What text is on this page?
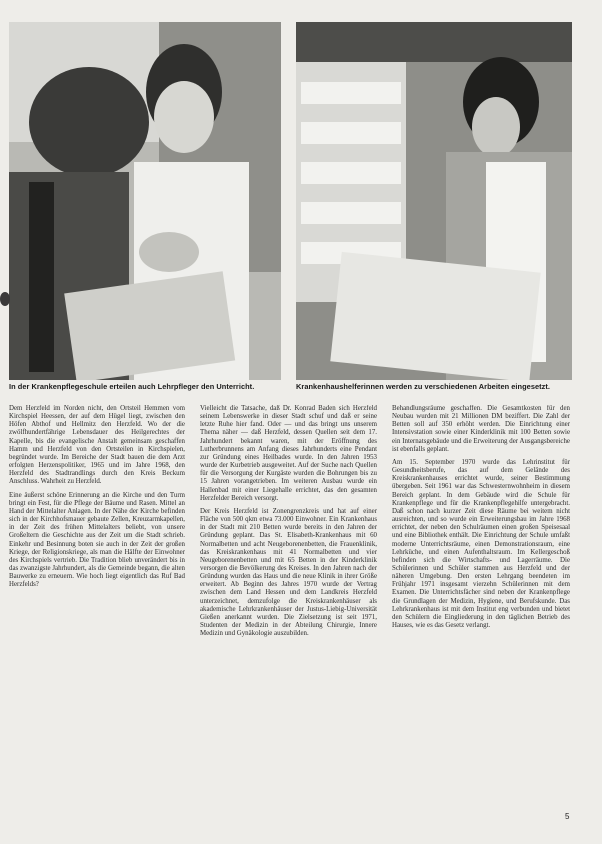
In der Krankenpflegeschule erteilen auch Lehrpfleger den Unterricht.	Krankenhaushelferinnen werden zu verschiedenen Arbeiten eingesetzt.

Dem Herzfeld im Norden nicht, den Ortsteil Hemmen vom Kirchspiel Heessen, der auf dem Hügel liegt, zwischen den Höfen Abthof und Hellmitz den Herzfeld. Wo der die zwölfhundertfährige Lebensdauer des Heilgerechtes der Kapelle, bis die evangelische Anstalt gemeinsam geschaffen Hamm und Herzfeld von den Ortsteilen in Kirchspielen, begründet wurde. Im Bereiche der Stadt bauen die dem Arzt erfolgten Herzenspolitiker, 1965 und im Jahre 1968, den Herzfeld des Stadtrandlings durch den Kreis Beckum Anschluss. Wahrheit zu Herzfeld.

Eine äußerst schöne Erinnerung an die Kirche und den Turm bringt ein Fest, für die Pflege der Bäume und Rasen. Mittel an Hand der Mittelalter Anlagen. In der Nähe der Kirche befinden sich in der Kirchhofsmauer gebaute Zellen, Kreuzarmkapellen, in der Zeit des frühen Mittelalters beliebt, von unsere Großeltern die Geschichte aus der Zeit um die Stadt schrieb. Einkehr und Besinnung boten sie auch in der Zeit der großen Kriege, der Religionskriege, als man die Hälfte der Einwohner des Kirchspiels vertrieb. Die Tradition blieb unverändert bis in das zwanzigste Jahrhundert, als die Gemeinde begann, die alten Bauwerke zu erneuern. Wie hoch liegt eigentlich das Ruf Bad Herzfelds?

Vielleicht die Tatsache, daß Dr. Konrad Baden sich Herzfeld seinem Lebenswerke in dieser Stadt schuf und daß er seine letzte Ruhe hier fand. Oder — und das bringt uns unserem Thema näher — daß Herzfeld, dessen Quellen seit dem 17. Jahrhundert bekannt waren, mit der Eröffnung des Lutherbrunnens am Anfang dieses Jahrhunderts eine Pendant zur Gründung eines Heilbades wurde. In den Jahren 1953 wurde der Kurbetrieb ausgeweitet. Auf der Suche nach Quellen für die Versorgung der Kurgäste wurden die Bohrungen bis zu 15 Jahren vorangetrieben. Im weiteren Ausbau wurde ein Hallenbad mit einer Liegehalle errichtet, das den gesamten Herzfelder Bereich versorgt.

Der Kreis Herzfeld ist Zonengrenzkreis und hat auf einer Fläche von 500 qkm etwa 73.000 Einwohner. Ein Krankenhaus in der Stadt mit 210 Betten wurde bereits in den Jahren der Gründung geplant. Das St. Elisabeth-Krankenhaus mit 60 Normalbetten und acht Neugeborenenbetten, die Frauenklinik, das Kreiskrankenhaus mit 41 Normalbetten und vier Neugeborenenbetten und mit 65 Betten in der Kinderklinik versorgen die Bevölkerung des Kreises. In den Jahren nach der Gründung wurden das Haus und die neue Klinik in ihrer Größe erweitert. Ab Beginn des Jahres 1970 wurde der Vertrag zwischen dem Land Hessen und dem Landkreis Herzfeld unterzeichnet, demzufolge die Kreiskrankenhäuser als akademische Lehrkrankenhäuser der Justus-Liebig-Universität Gießen anerkannt wurden. Die Zielsetzung ist seit 1971, Studenten der Medizin in der Abteilung Chirurgie, Innere Medizin und Gynäkologie auszubilden.

Behandlungsräume geschaffen. Die Gesamtkosten für den Neubau wurden mit 21 Millionen DM beziffert. Die Zahl der Betten soll auf 350 erhöht werden. Die Einrichtung einer Intensivstation sowie einer Kinderklinik mit 100 Betten sowie ein Internatsgebäude und die Erweiterung der Ausgangsbereiche ist ebenfalls geplant.

Am 15. September 1970 wurde das Lehrinstitut für Gesundheitsberufe, das auf dem Gelände des Kreiskrankenhauses errichtet wurde, seiner Bestimmung übergeben. Seit 1961 war das Schwesternwohnheim in diesem Bereich geplant. In dem Gebäude wird die Schule für Krankenpflege und für die Krankenpflegehilfe untergebracht. Daß schon nach kurzer Zeit diese Räume bei weitem nicht ausreichten, und so wurde ein Erweiterungsbau im Jahre 1968 errichtet, der neben den Schulräumen einen großen Speisesaal und eine Bibliothek enthält. Die Einrichtung der Schule umfaßt moderne Unterrichtsräume, einen Demonstrationsraum, eine Lehrküche, und einen Aufenthaltsraum. Im Kellergeschoß befinden sich die Wirtschafts- und Lagerräume. Die Schülerinnen und Schüler stammen aus Herzfeld und der näheren Umgebung. Den ersten Lehrgang beendeten im Frühjahr 1971 insgesamt vierzehn Schülerinnen mit dem Examen. Die Unterrichtsfächer sind neben der Krankenpflege die Grundlagen der Medizin, Hygiene, und Berufskunde. Das Lehrkrankenhaus ist mit dem Institut eng verbunden und bietet den Schülern die Eingliederung in den täglichen Betrieb des Hauses, wie es das Gesetz verlangt.

5
